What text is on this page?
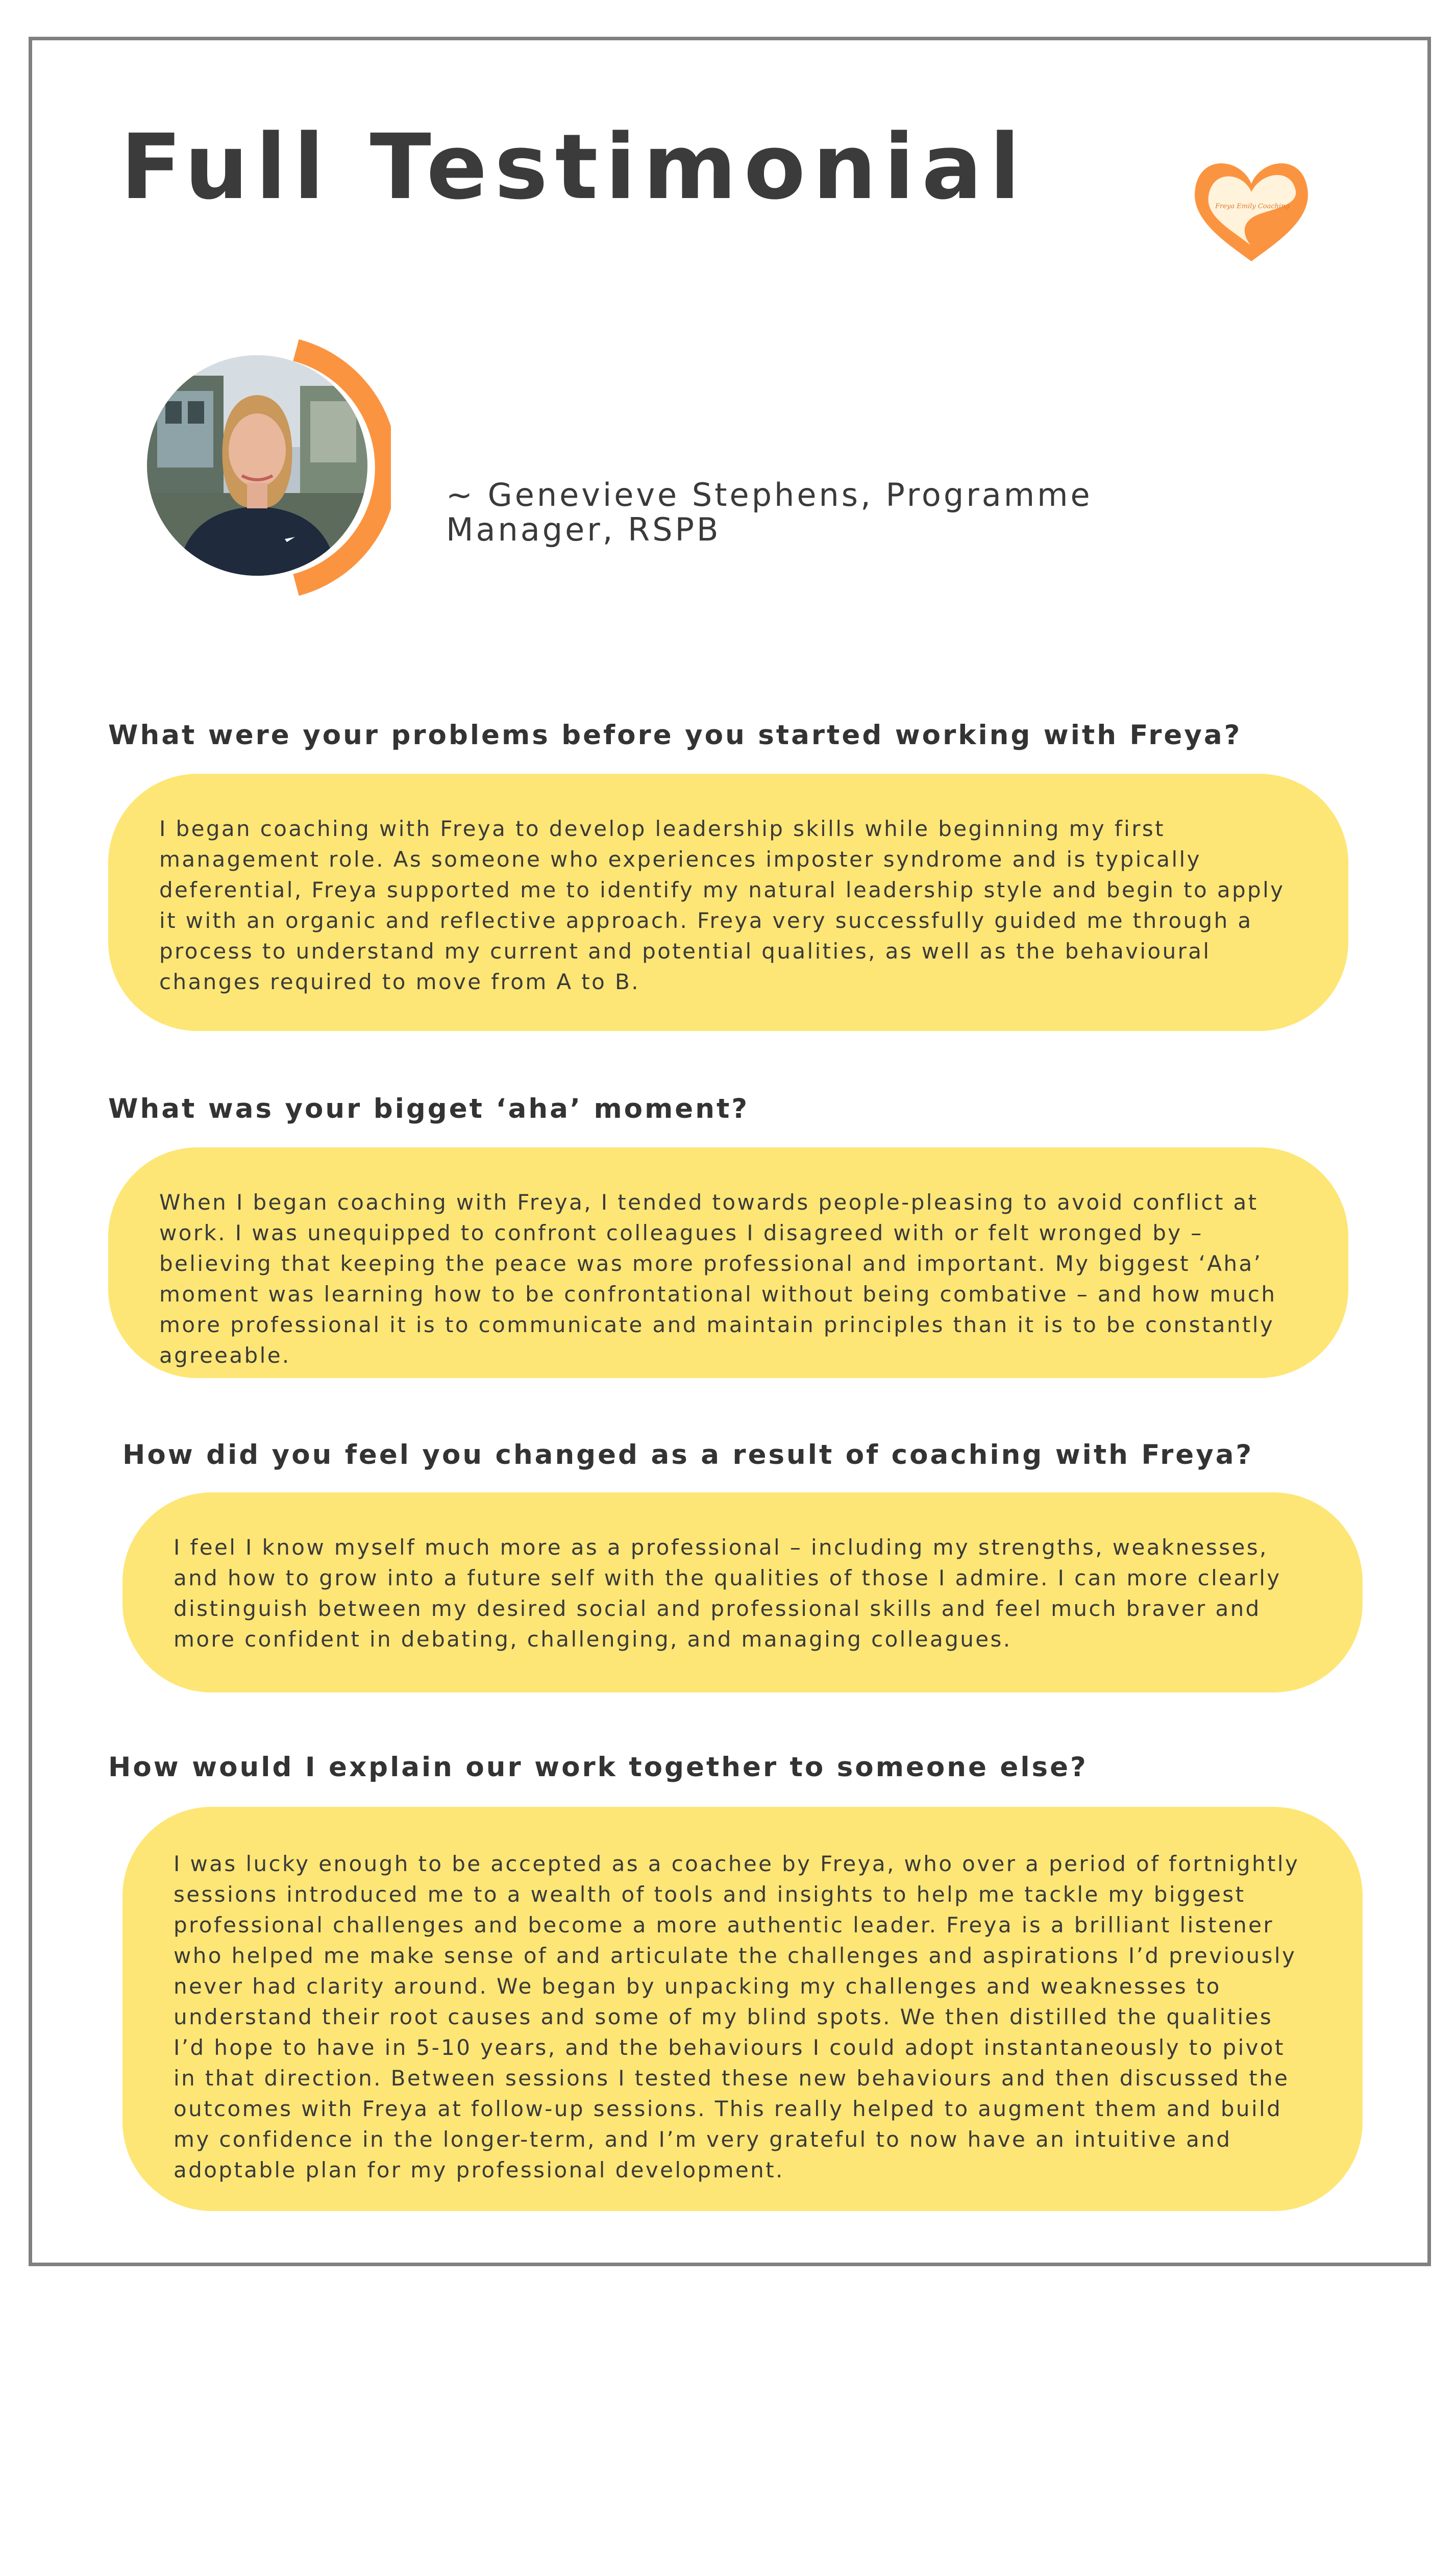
Full Testimonial	Freya Emily Coaching

~ Genevieve Stephens, Programme Manager, RSPB

What were your problems before you started working with Freya?

I began coaching with Freya to develop leadership skills while beginning my first management role. As someone who experiences imposter syndrome and is typically deferential, Freya supported me to identify my natural leadership style and begin to apply it with an organic and reflective approach. Freya very successfully guided me through a process to understand my current and potential qualities, as well as the behavioural changes required to move from A to B.

What was your bigget ‘aha’ moment?

When I began coaching with Freya, I tended towards people-pleasing to avoid conflict at work. I was unequipped to confront colleagues I disagreed with or felt wronged by – believing that keeping the peace was more professional and important. My biggest ‘Aha’ moment was learning how to be confrontational without being combative – and how much more professional it is to communicate and maintain principles than it is to be constantly agreeable.

How did you feel you changed as a result of coaching with Freya?

I feel I know myself much more as a professional – including my strengths, weaknesses, and how to grow into a future self with the qualities of those I admire. I can more clearly distinguish between my desired social and professional skills and feel much braver and more confident in debating, challenging, and managing colleagues.

How would I explain our work together to someone else?

I was lucky enough to be accepted as a coachee by Freya, who over a period of fortnightly sessions introduced me to a wealth of tools and insights to help me tackle my biggest professional challenges and become a more authentic leader. Freya is a brilliant listener who helped me make sense of and articulate the challenges and aspirations I’d previously never had clarity around. We began by unpacking my challenges and weaknesses to understand their root causes and some of my blind spots. We then distilled the qualities I’d hope to have in 5-10 years, and the behaviours I could adopt instantaneously to pivot in that direction. Between sessions I tested these new behaviours and then discussed the outcomes with Freya at follow-up sessions. This really helped to augment them and build my confidence in the longer-term, and I’m very grateful to now have an intuitive and adoptable plan for my professional development.
